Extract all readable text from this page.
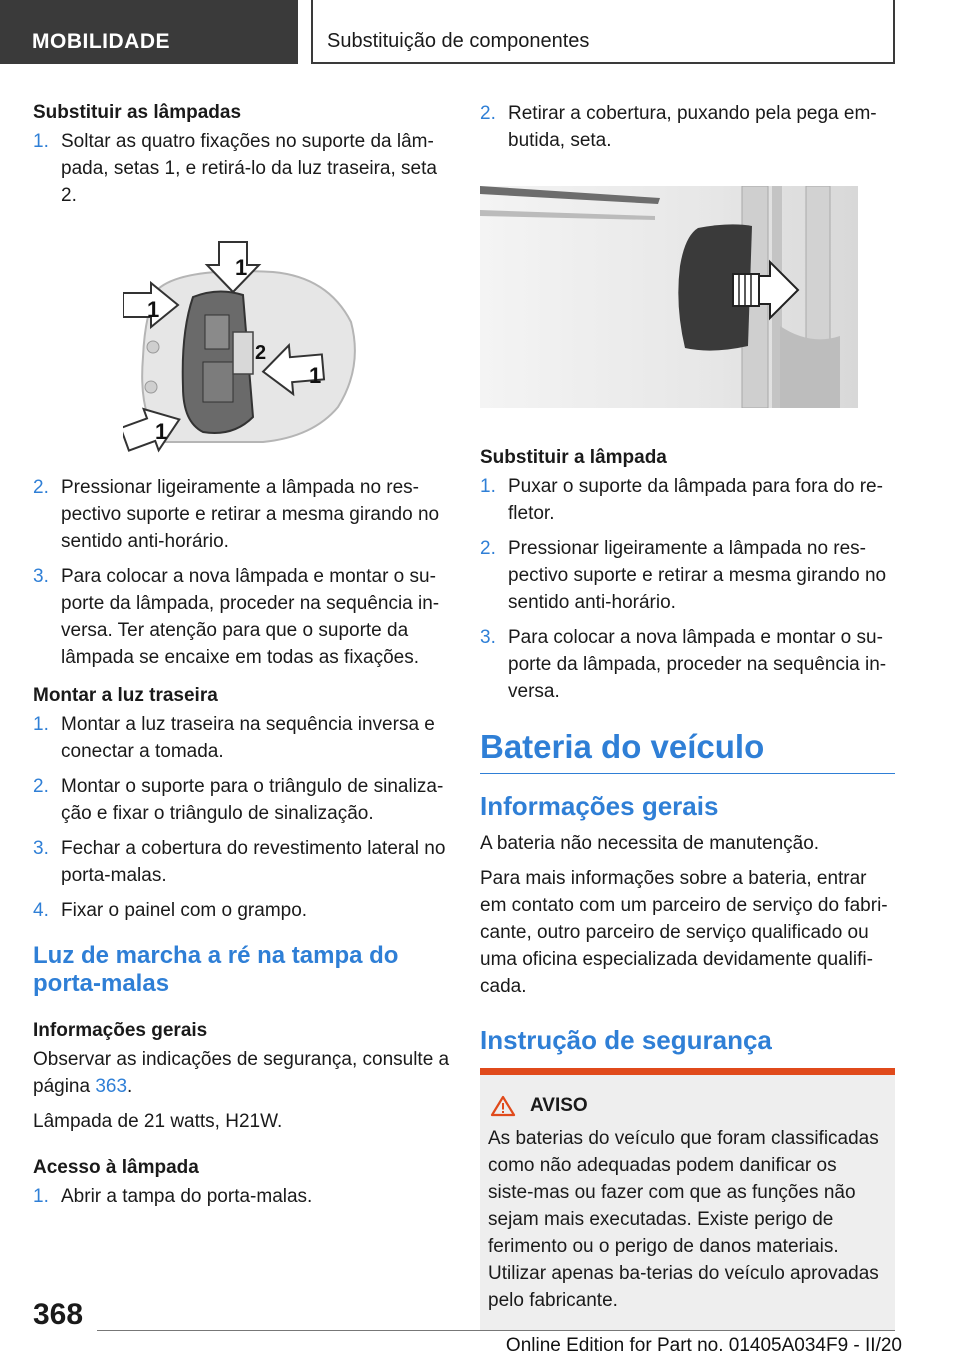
MOBILIDADE	Substituição de componentes
Substituir as lâmpadas
1. Soltar as quatro fixações no suporte da lâm-pada, setas 1, e retirá-lo da luz traseira, seta 2.
1
1
2
1
1
2. Pressionar ligeiramente a lâmpada no res-pectivo suporte e retirar a mesma girando no sentido anti-horário.
3. Para colocar a nova lâmpada e montar o su-porte da lâmpada, proceder na sequência in-versa. Ter atenção para que o suporte da lâmpada se encaixe em todas as fixações.
Montar a luz traseira
1. Montar a luz traseira na sequência inversa e conectar a tomada.
2. Montar o suporte para o triângulo de sinaliza-ção e fixar o triângulo de sinalização.
3. Fechar a cobertura do revestimento lateral no porta-malas.
4. Fixar o painel com o grampo.
Luz de marcha a ré na tampa do porta-malas
Informações gerais

Observar as indicações de segurança, consulte a página 363.

Lâmpada de 21 watts, H21W.

Acesso à lâmpada
1. Abrir a tampa do porta-malas.
2. Retirar a cobertura, puxando pela pega em-butida, seta.
Substituir a lâmpada
1. Puxar o suporte da lâmpada para fora do re-fletor.
2. Pressionar ligeiramente a lâmpada no res-pectivo suporte e retirar a mesma girando no sentido anti-horário.
3. Para colocar a nova lâmpada e montar o su-porte da lâmpada, proceder na sequência in-versa.
Bateria do veículo
Informações gerais

A bateria não necessita de manutenção.

Para mais informações sobre a bateria, entrar em contato com um parceiro de serviço do fabri-cante, outro parceiro de serviço qualificado ou uma oficina especializada devidamente qualifi-cada.

Instrução de segurança
AVISO

As baterias do veículo que foram classificadas como não adequadas podem danificar os siste-mas ou fazer com que as funções não sejam mais executadas. Existe perigo de ferimento ou o perigo de danos materiais. Utilizar apenas ba-terias do veículo aprovadas pelo fabricante.

368
Online Edition for Part no. 01405A034F9 - II/20
